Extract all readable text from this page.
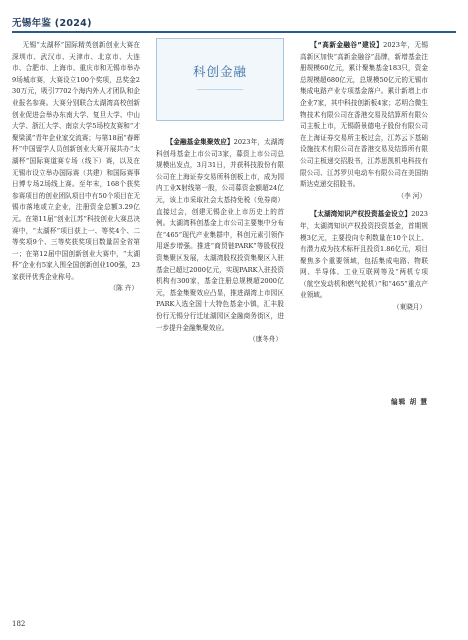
无锡年鉴 (2024)

无锡“太湖杯”国际精英创新创业大赛在深圳市、武汉市、天津市、北京市、大连市、合肥市、上海市、重庆市和无锡市举办9场城市赛，大赛设立100个奖项，总奖金230万元，吸引7702个海内外人才团队和企业报名参赛。大赛分别联合太湖湾高校创新创业促进会举办东南大学、复旦大学、中山大学、浙江大学、南京大学5场校友赛和“才聚梁溪”青年企业家交流赛；与第18届“春晖杯”中国留学人员创新创业大赛开展共办“太湖杯”国际赛道赛专场（线下）赛，以及在无锡市设立举办国际赛（共建）和国际赛事日博专场2场线上赛。至年末，168个获奖参赛项目的创业团队项目中有50个项目在无锡市落地或立企业，注册资金总额3.29亿元。在第11届“创业江苏”科技创业大赛总决赛中，“太湖杯”项目获上一、等奖4个、二等奖项9个、三等奖获奖项目数量居全省第一；在第12届中国创新创业大赛中，“太湖杯”企业有5家入围全国创新创业100强，23家获评优秀企业称号。

（陈 卉）

科创金融

【金融基金集聚效应】2023年，太湖湾科创母基金上市公司3家，募资上市公司总规模出发点，3月31日，并获科技股份有限公司在上海证券交易所科创板上市，成为园内工业X射线第一股，公司募资金额超24亿元，该上市采取社会太基持免税（免券商）直接过会，创建无锡企业上市历史上的首例。太湖湾科创基金上市公司主要集中分布在“465”现代产业集群中，科创元素引领作用逐步增强。推进“商贸链PARK”等股权投资集聚区发展，太湖湾股权投资集聚区入驻基金已超过2000亿元，实现PARK入驻投资机构有300家，基金注册总规模超2000亿元，基金集聚效应凸显，推进湖湾上市园区PARK入选全国十大特色基金小镇，汇丰股份行无锡分行迁址湖园区金融商务街区，进一步提升金融集聚效应。

（康冬舟）

【“高新金融谷”建设】2023年，无锡高新区加快“高新金融谷”品牌，新增基金注册规模60亿元，累计聚集基金183只，资金总规模超680亿元，总规模50亿元的无锡市集成电路产业专项基金落户。累计新增上市企业7家，其中科技创新板4家；芯明合微生物技术有限公司在香港交易及结算所有限公司主板上市，无锡蔚景德电子股份有限公司在上海证券交易所主板过会，江苏云下基础设施技术有限公司在香港交易及结算所有限公司主板递交招股书，江苏思凯机电科技有限公司、江苏罗贝电动车有限公司在美国纳斯达克递交招股书。

（李 河）

【太湖湾知识产权投资基金设立】2023年，太湖湾知识产权投资投资基金，首期规模3亿元，主要投向专利数量在10个以上、有潜力成为技术标杆且投资1.86亿元，项目聚焦多个重要领域，包括集成电路、物联网、半导体、工业互联网等及“两机专项（航空发动机和燃气轮机）”和“465”重点产业领域。

（東晓月）

编辑 胡 慧
182
